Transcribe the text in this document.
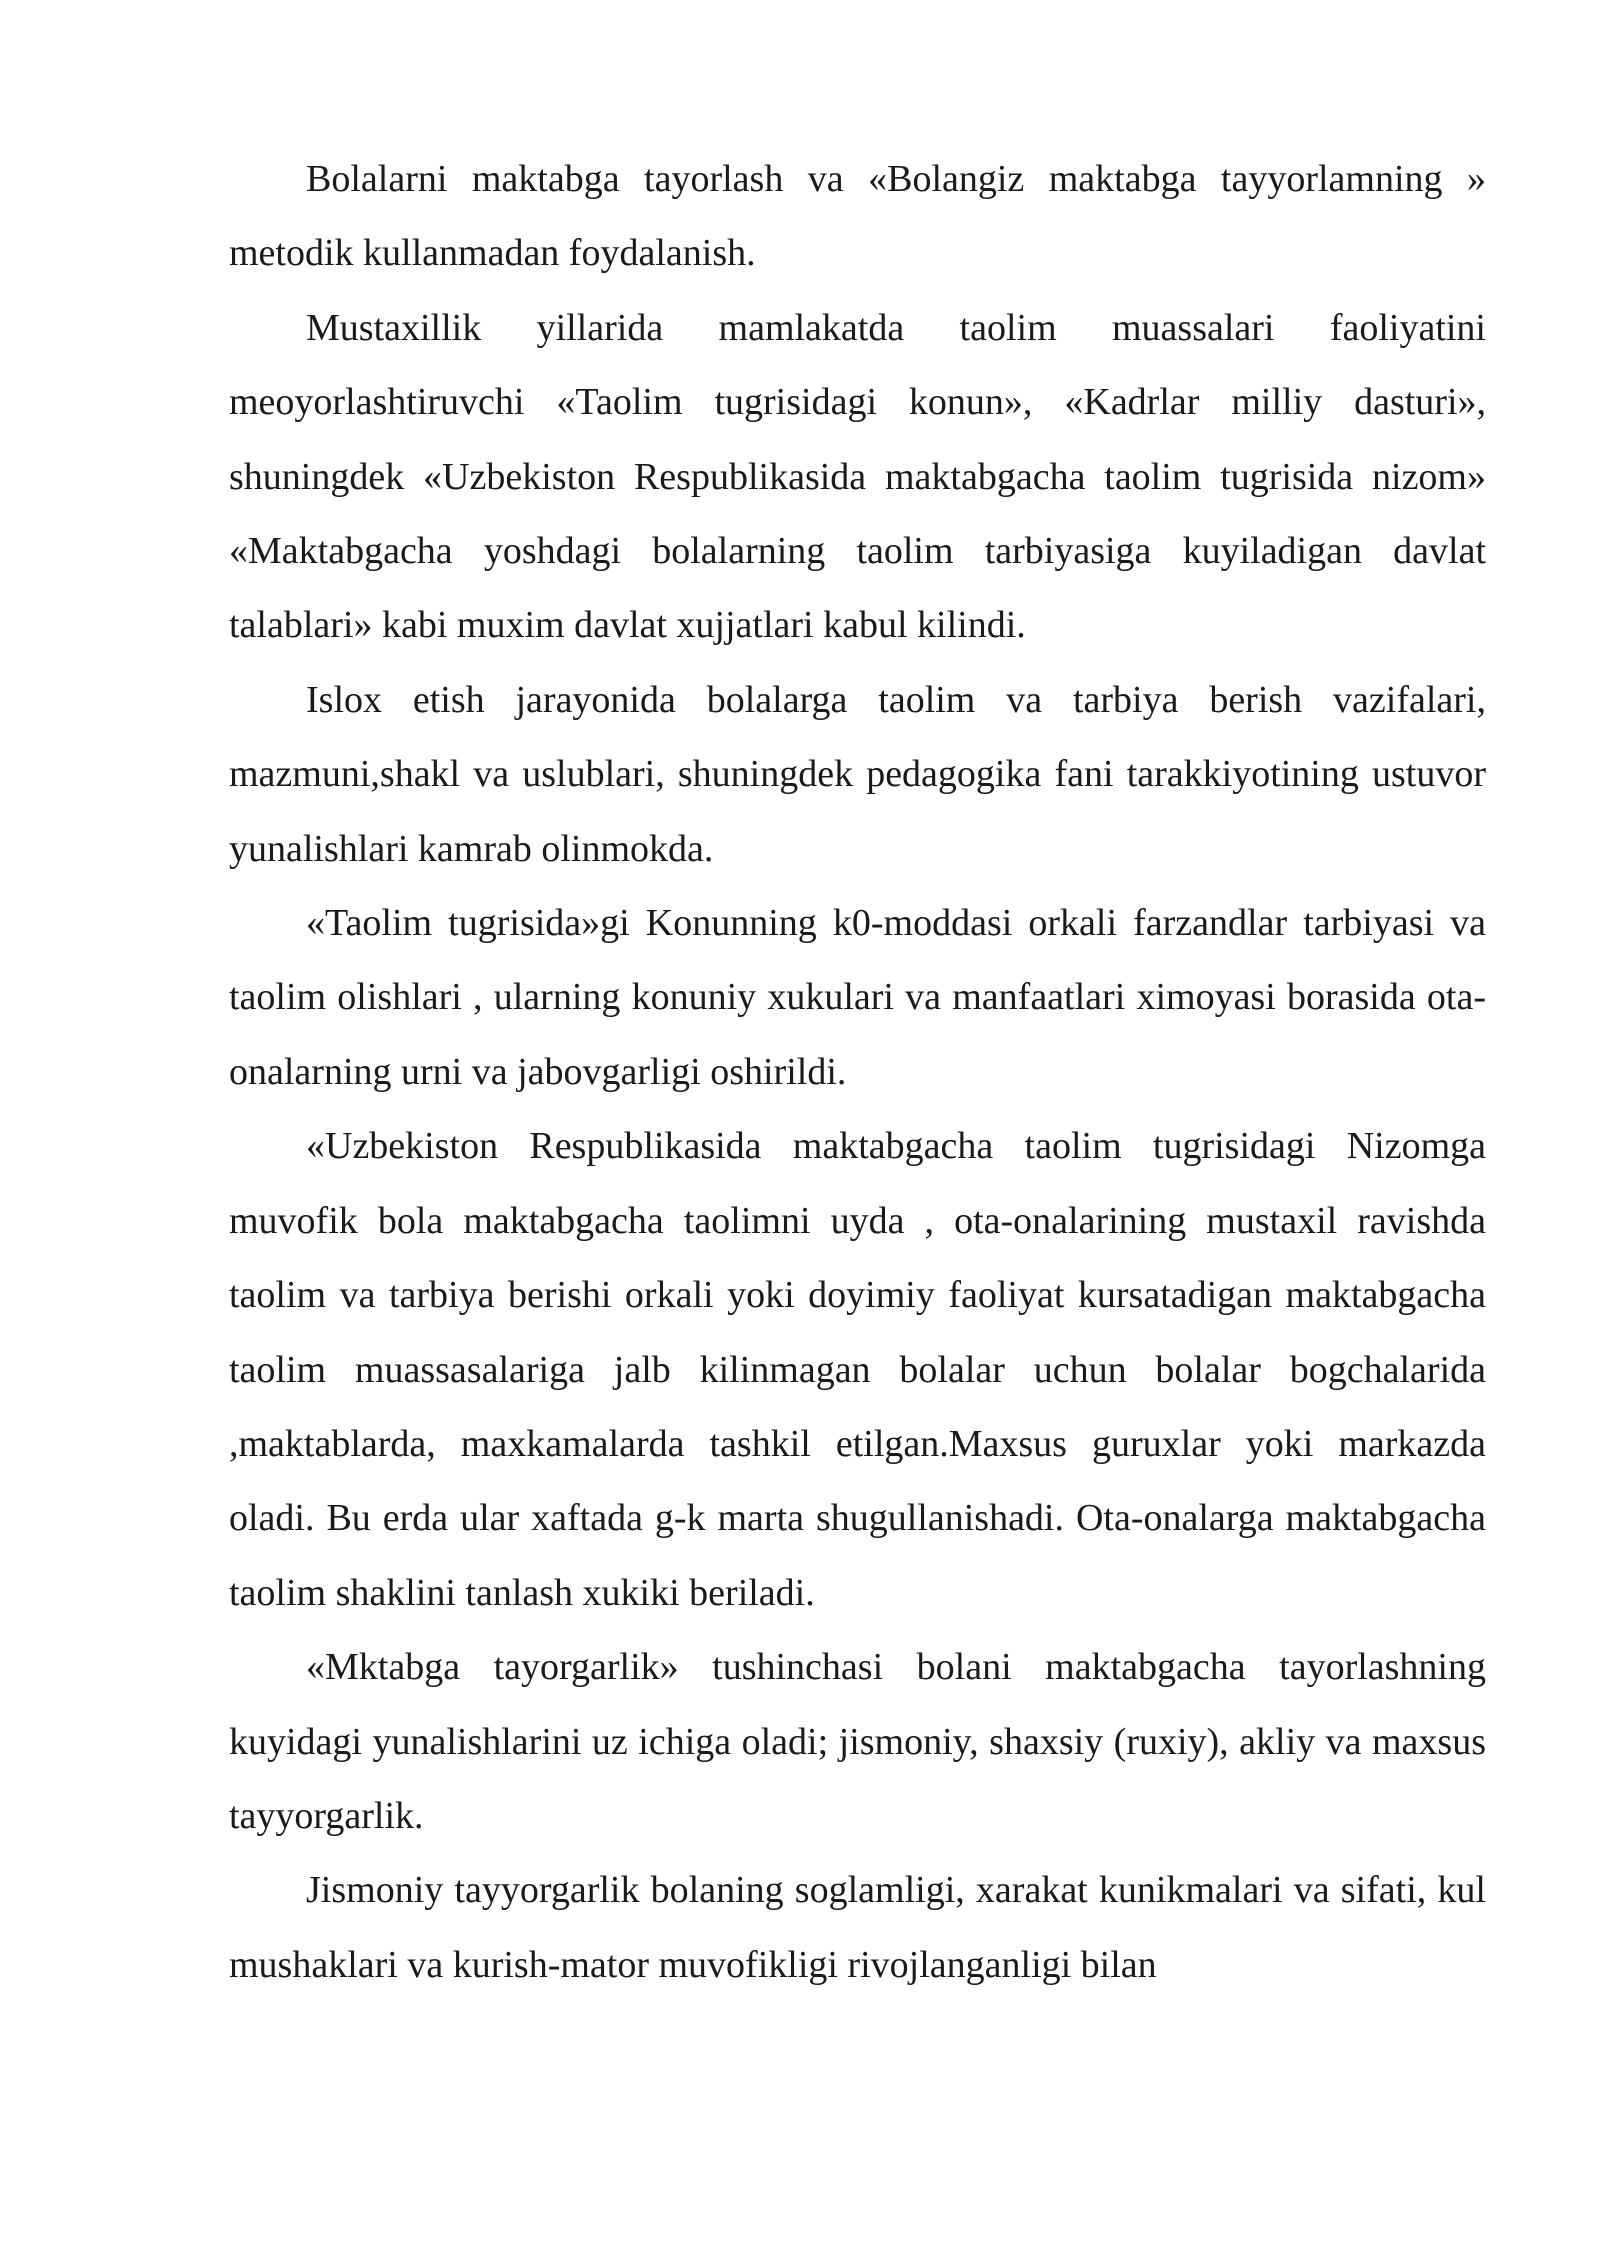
Bolalarni maktabga tayorlash va «Bolangiz maktabga tayyorlamning » metodik kullanmadan foydalanish.

Mustaxillik yillarida mamlakatda taolim muassalari faoliyatini meoyorlashtiruvchi «Taolim tugrisidagi konun», «Kadrlar milliy dasturi», shuningdek «Uzbekiston Respublikasida maktabgacha taolim tugrisida nizom» «Maktabgacha yoshdagi bolalarning taolim tarbiyasiga kuyiladigan davlat talablari» kabi muxim davlat xujjatlari kabul kilindi.

Islox etish jarayonida bolalarga taolim va tarbiya berish vazifalari, mazmuni,shakl va uslublari, shuningdek pedagogika fani tarakkiyotining ustuvor yunalishlari kamrab olinmokda.

«Taolim tugrisida»gi Konunning k0-moddasi orkali farzandlar tarbiyasi va taolim olishlari , ularning konuniy xukulari va manfaatlari ximoyasi borasida ota-onalarning urni va jabovgarligi oshirildi.

«Uzbekiston Respublikasida maktabgacha taolim tugrisidagi Nizomga muvofik bola maktabgacha taolimni uyda , ota-onalarining mustaxil ravishda taolim va tarbiya berishi orkali yoki doyimiy faoliyat kursatadigan maktabgacha taolim muassasalariga jalb kilinmagan bolalar uchun bolalar bogchalarida ,maktablarda, maxkamalarda tashkil etilgan.Maxsus guruxlar yoki markazda oladi. Bu erda ular xaftada g-k marta shugullanishadi. Ota-onalarga maktabgacha taolim shaklini tanlash xukiki beriladi.

«Mktabga tayorgarlik» tushinchasi bolani maktabgacha tayorlashning kuyidagi yunalishlarini uz ichiga oladi; jismoniy, shaxsiy (ruxiy), akliy va maxsus tayyorgarlik.

Jismoniy tayyorgarlik bolaning soglamligi, xarakat kunikmalari va sifati, kul mushaklari va kurish-mator muvofikligi rivojlanganligi bilan
